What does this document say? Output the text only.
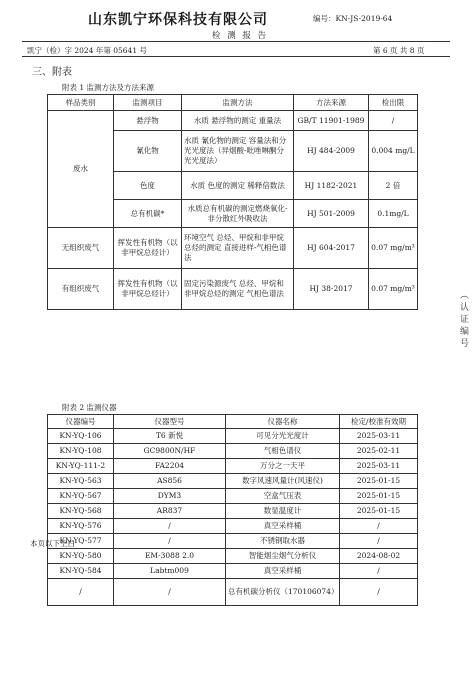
山东凯宁环保科技有限公司	编号：KN-JS-2019-64
检 测 报 告
凯宁（检）字 2024 年第 05641 号	第 6 页 共 8 页
三、附表
附表 1 监测方法及方法来源
样品类别	监测项目	监测方法	方法来源	检出限
废水	悬浮物	水质 悬浮物的测定 重量法	GB/T 11901-1989	/
	氰化物	水质 氰化物的测定 容量法和分光光度法（异烟酸-吡唑啉酮分光光度法）	HJ 484-2009	0.004 mg/L
	色度	水质 色度的测定 稀释倍数法	HJ 1182-2021	2 倍
	总有机碳*	水质总有机碳的测定燃烧氧化-非分散红外吸收法	HJ 501-2009	0.1mg/L
无组织废气	挥发性有机物（以非甲烷总烃计）	环境空气 总烃、甲烷和非甲烷总烃的测定 直接进样-气相色谱法	HJ 604-2017	0.07 mg/m³
有组织废气	挥发性有机物（以非甲烷总烃计）	固定污染源废气 总烃、甲烷和非甲烷总烃的测定 气相色谱法	HJ 38-2017	0.07 mg/m³
附表 2 监测仪器
仪器编号	仪器型号	仪器名称	检定/校准有效期
KN-YQ-106	T6 新悦	可见分光光度计	2025-03-11
KN-YQ-108	GC9800N/HF	气相色谱仪	2025-02-11
KN-YQ-111-2	FA2204	万分之一天平	2025-03-11
KN-YQ-563	AS856	数字风速风量计(风速仪)	2025-01-15
KN-YQ-567	DYM3	空盒气压表	2025-01-15
KN-YQ-568	AR837	数显温度计	2025-01-15
KN-YQ-576	/	真空采样桶	/
KN-YQ-577	/	不锈钢取水器	/
KN-YQ-580	EM-3088 2.0	智能烟尘烟气分析仪	2024-08-02
KN-YQ-584	Labtm009	真空采样桶	/
/	/	总有机碳分析仪（170106074）	/
本页以下空白
（认证编号
